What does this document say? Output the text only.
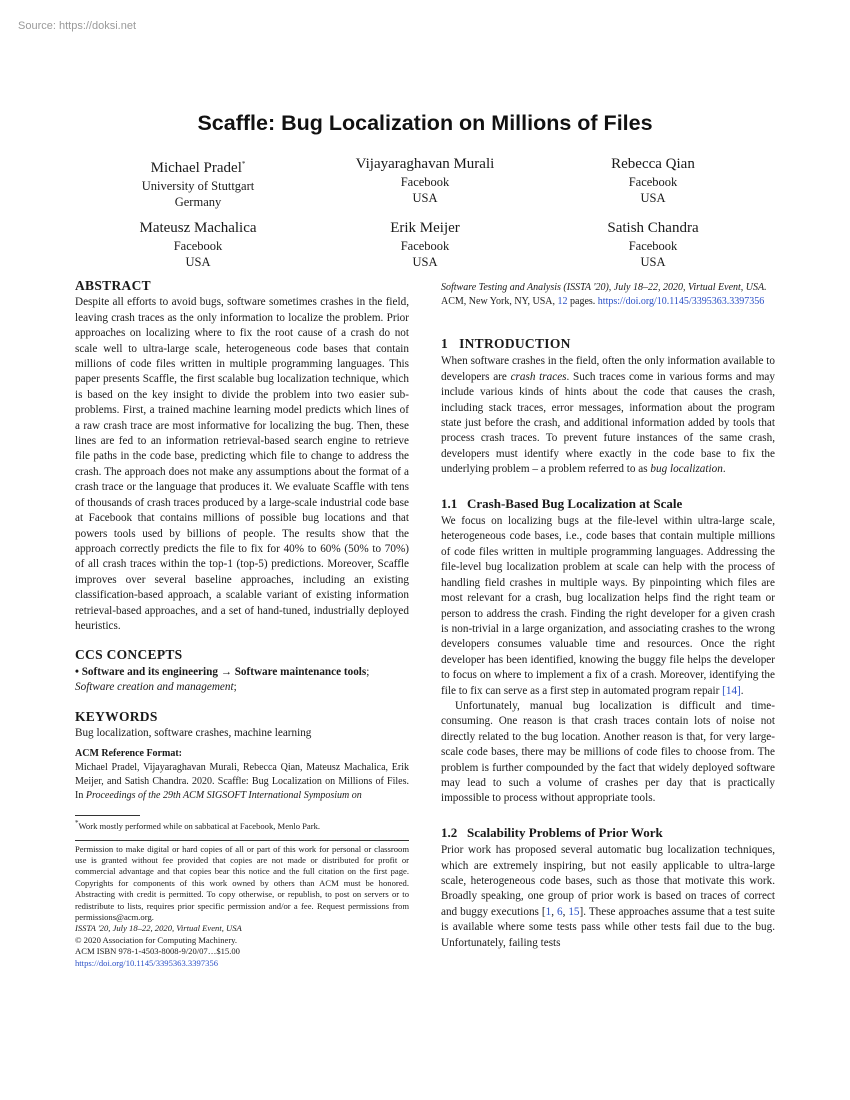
Source: https://doksi.net
Scaffle: Bug Localization on Millions of Files
Michael Pradel*
University of Stuttgart
Germany
Vijayaraghavan Murali
Facebook
USA
Rebecca Qian
Facebook
USA
Mateusz Machalica
Facebook
USA
Erik Meijer
Facebook
USA
Satish Chandra
Facebook
USA
ABSTRACT

Despite all efforts to avoid bugs, software sometimes crashes in the field, leaving crash traces as the only information to localize the problem. Prior approaches on localizing where to fix the root cause of a crash do not scale well to ultra-large scale, heterogeneous code bases that contain millions of code files written in multiple programming languages. This paper presents Scaffle, the first scalable bug localization technique, which is based on the key insight to divide the problem into two easier sub-problems. First, a trained machine learning model predicts which lines of a raw crash trace are most informative for localizing the bug. Then, these lines are fed to an information retrieval-based search engine to retrieve file paths in the code base, predicting which file to change to address the crash. The approach does not make any assumptions about the format of a crash trace or the language that produces it. We evaluate Scaffle with tens of thousands of crash traces produced by a large-scale industrial code base at Facebook that contains millions of possible bug locations and that powers tools used by billions of people. The results show that the approach correctly predicts the file to fix for 40% to 60% (50% to 70%) of all crash traces within the top-1 (top-5) predictions. Moreover, Scaffle improves over several baseline approaches, including an existing classification-based approach, a scalable variant of existing information retrieval-based approaches, and a set of hand-tuned, industrially deployed heuristics.

CCS CONCEPTS

• Software and its engineering → Software maintenance tools; Software creation and management;

KEYWORDS

Bug localization, software crashes, machine learning

ACM Reference Format:

Michael Pradel, Vijayaraghavan Murali, Rebecca Qian, Mateusz Machalica, Erik Meijer, and Satish Chandra. 2020. Scaffle: Bug Localization on Millions of Files. In Proceedings of the 29th ACM SIGSOFT International Symposium on

*Work mostly performed while on sabbatical at Facebook, Menlo Park.

Permission to make digital or hard copies of all or part of this work for personal or classroom use is granted without fee provided that copies are not made or distributed for profit or commercial advantage and that copies bear this notice and the full citation on the first page. Copyrights for components of this work owned by others than ACM must be honored. Abstracting with credit is permitted. To copy otherwise, or republish, to post on servers or to redistribute to lists, requires prior specific permission and/or a fee. Request permissions from permissions@acm.org.

ISSTA '20, July 18–22, 2020, Virtual Event, USA

© 2020 Association for Computing Machinery.

ACM ISBN 978-1-4503-8008-9/20/07…$15.00

https://doi.org/10.1145/3395363.3397356

Software Testing and Analysis (ISSTA '20), July 18–22, 2020, Virtual Event, USA. ACM, New York, NY, USA, 12 pages. https://doi.org/10.1145/3395363.3397356
1   INTRODUCTION

When software crashes in the field, often the only information available to developers are crash traces. Such traces come in various forms and may include various kinds of hints about the code that causes the crash, including stack traces, error messages, information about the program state just before the crash, and additional information added by tools that process crash traces. To prevent future instances of the same crash, developers must identify where exactly in the code base to fix the underlying problem – a problem referred to as bug localization.

1.1   Crash-Based Bug Localization at Scale

We focus on localizing bugs at the file-level within ultra-large scale, heterogeneous code bases, i.e., code bases that contain multiple millions of code files written in multiple programming languages. Addressing the file-level bug localization problem at scale can help with the process of handling field crashes in multiple ways. By pinpointing which files are most relevant for a crash, bug localization helps find the right team or person to address the crash. Finding the right developer for a given crash is non-trivial in a large organization, and associating crashes to the wrong developers consumes valuable time and resources. Once the right developer has been identified, knowing the buggy file helps the developer to focus on where to implement a fix of a crash. Moreover, identifying the file to fix can serve as a first step in automated program repair [14].

Unfortunately, manual bug localization is difficult and time-consuming. One reason is that crash traces contain lots of noise not directly related to the bug location. Another reason is that, for very large-scale code bases, there may be millions of code files to choose from. The problem is further compounded by the fact that widely deployed software may lead to such a volume of crashes per day that is practically impossible to process without appropriate tools.

1.2   Scalability Problems of Prior Work

Prior work has proposed several automatic bug localization techniques, which are extremely inspiring, but not easily applicable to ultra-large scale, heterogeneous code bases, such as those that motivate this work. Broadly speaking, one group of prior work is based on traces of correct and buggy executions [1, 6, 15]. These approaches assume that a test suite is available where some tests pass while other tests fail due to the bug. Unfortunately, failing tests
